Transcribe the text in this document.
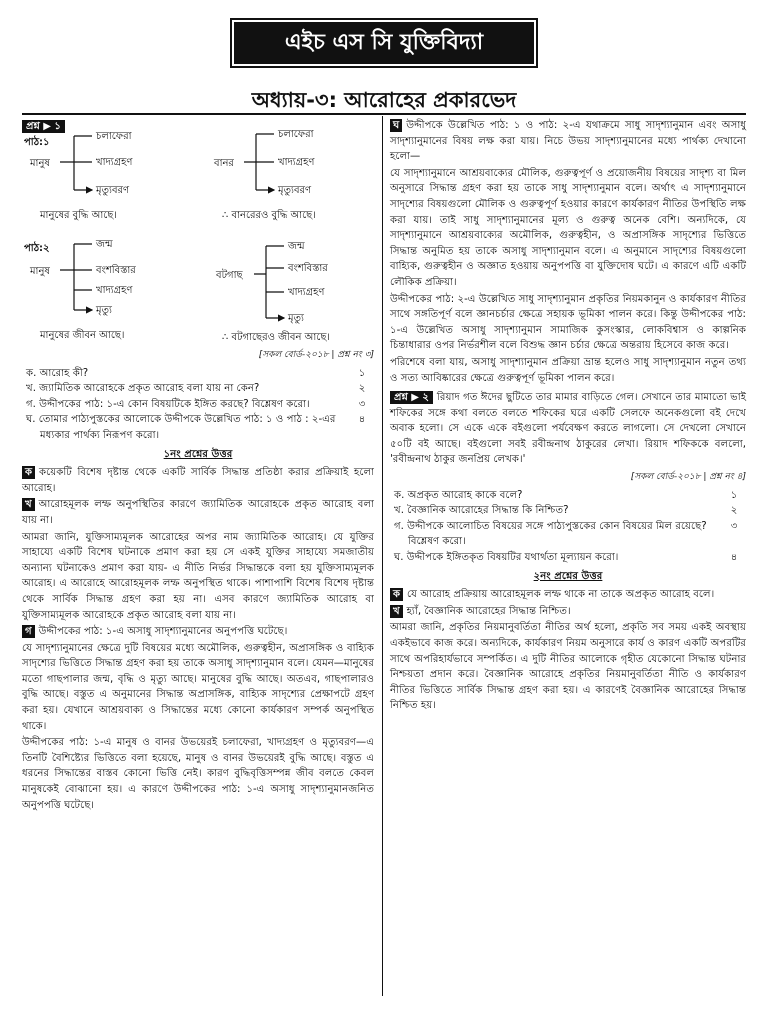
এইচ এস সি যুক্তিবিদ্যা
অধ্যায়-৩: আরোহের প্রকারভেদ
প্রশ্ন ▶ ১
পাঠ:১
পাঠ:২
মানুষ
চলাফেরা
খাদ্যগ্রহণ
মৃত্যুবরণ
মানুষের বুদ্ধি আছে।
বানর
চলাফেরা
খাদ্যগ্রহণ
মৃত্যুবরণ
∴ বানরেরও বুদ্ধি আছে।
মানুষ
জন্ম
বংশবিস্তার
খাদ্যগ্রহণ
মৃত্যু
মানুষের জীবন আছে।
বটগাছ
জন্ম
বংশবিস্তার
খাদ্যগ্রহণ
মৃত্যু
∴ বটগাছেরও জীবন আছে।
[সকল বোর্ড-২০১৮ | প্রশ্ন নং ৩]
ক. আরোহ কী?	১
খ. জ্যামিতিক আরোহকে প্রকৃত আরোহ বলা যায় না কেন?	২
গ. উদ্দীপকের পাঠ: ১-এ কোন বিষয়টিকে ইঙ্গিত করছে? বিশ্লেষণ করো।	৩
ঘ. তোমার পাঠ্যপুস্তকের আলোকে উদ্দীপকে উল্লেখিত পাঠ: ১ ও পাঠ : ২-এর মধ্যকার পার্থক্য নিরূপণ করো।
৪
১নং প্রশ্নের উত্তর

ক কয়েকটি বিশেষ দৃষ্টান্ত থেকে একটি সার্বিক সিদ্ধান্ত প্রতিষ্ঠা করার প্রক্রিয়াই হলো আরোহ।

খ আরোহমূলক লম্ফ অনুপস্থিতির কারণে জ্যামিতিক আরোহকে প্রকৃত আরোহ বলা যায় না।

আমরা জানি, যুক্তিসাম্যমূলক আরোহের অপর নাম জ্যামিতিক আরোহ। যে যুক্তির সাহায্যে একটি বিশেষ ঘটনাকে প্রমাণ করা হয় সে একই যুক্তির সাহায্যে সমজাতীয় অন্যান্য ঘটনাকেও প্রমাণ করা যায়- এ নীতি নির্ভর সিদ্ধান্তকে বলা হয় যুক্তিসাম্যমূলক আরোহ। এ আরোহে আরোহমূলক লম্ফ অনুপস্থিত থাকে। পাশাপাশি বিশেষ বিশেষ দৃষ্টান্ত থেকে সার্বিক সিদ্ধান্ত গ্রহণ করা হয় না। এসব কারণে জ্যামিতিক আরোহ বা যুক্তিসাম্যমূলক আরোহকে প্রকৃত আরোহ বলা যায় না।

গ উদ্দীপকের পাঠ: ১-এ অসাধু সাদৃশ্যানুমানের অনুপপত্তি ঘটেছে।

যে সাদৃশ্যানুমানের ক্ষেত্রে দুটি বিষয়ের মধ্যে অমৌলিক, গুরুত্বহীন, অপ্রাসঙ্গিক ও বাহ্যিক সাদৃশ্যের ভিত্তিতে সিদ্ধান্ত গ্রহণ করা হয় তাকে অসাধু সাদৃশ্যানুমান বলে। যেমন—মানুষের মতো গাছপালার জন্ম, বৃদ্ধি ও মৃত্যু আছে। মানুষের বুদ্ধি আছে। অতএব, গাছপালারও বুদ্ধি আছে। বস্তুত এ অনুমানের সিদ্ধান্ত অপ্রাসঙ্গিক, বাহ্যিক সাদৃশ্যের প্রেক্ষাপটে গ্রহণ করা হয়। যেখানে আশ্রয়বাক্য ও সিদ্ধান্তের মধ্যে কোনো কার্যকারণ সম্পর্ক অনুপস্থিত থাকে।

উদ্দীপকের পাঠ: ১-এ মানুষ ও বানর উভয়েরই চলাফেরা, খাদ্যগ্রহণ ও মৃত্যুবরণ—এ তিনটি বৈশিষ্ট্যের ভিত্তিতে বলা হয়েছে, মানুষ ও বানর উভয়েরই বুদ্ধি আছে। বস্তুত এ ধরনের সিদ্ধান্তের বাস্তব কোনো ভিত্তি নেই। কারণ বুদ্ধিবৃত্তিসম্পন্ন জীব বলতে কেবল মানুষকেই বোঝানো হয়। এ কারণে উদ্দীপকের পাঠ: ১-এ অসাধু সাদৃশ্যানুমানজনিত অনুপপত্তি ঘটেছে।

ঘ উদ্দীপকে উল্লেখিত পাঠ: ১ ও পাঠ: ২-এ যথাক্রমে সাধু সাদৃশ্যানুমান এবং অসাধু সাদৃশ্যানুমানের বিষয় লক্ষ করা যায়। নিচে উভয় সাদৃশ্যানুমানের মধ্যে পার্থক্য দেখানো হলো—

যে সাদৃশ্যানুমানে আশ্রয়বাক্যের মৌলিক, গুরুত্বপূর্ণ ও প্রয়োজনীয় বিষয়ের সাদৃশ্য বা মিল অনুসারে সিদ্ধান্ত গ্রহণ করা হয় তাকে সাধু সাদৃশ্যানুমান বলে। অর্থাৎ এ সাদৃশ্যানুমানে সাদৃশ্যের বিষয়গুলো মৌলিক ও গুরুত্বপূর্ণ হওয়ার কারণে কার্যকারণ নীতির উপস্থিতি লক্ষ করা যায়। তাই সাধু সাদৃশ্যানুমানের মূল্য ও গুরুত্ব অনেক বেশি। অন্যদিকে, যে সাদৃশ্যানুমানে আশ্রয়বাক্যের অমৌলিক, গুরুত্বহীন, ও অপ্রাসঙ্গিক সাদৃশ্যের ভিত্তিতে সিদ্ধান্ত অনুমিত হয় তাকে অসাধু সাদৃশ্যানুমান বলে। এ অনুমানে সাদৃশ্যের বিষয়গুলো বাহ্যিক, গুরুত্বহীন ও অজ্ঞাত হওয়ায় অনুপপত্তি বা যুক্তিদোষ ঘটে। এ কারণে এটি একটি লৌকিক প্রক্রিয়া।

উদ্দীপকের পাঠ: ২-এ উল্লেখিত সাধু সাদৃশ্যানুমান প্রকৃতির নিয়মকানুন ও কার্যকারণ নীতির সাথে সঙ্গতিপূর্ণ বলে জ্ঞানচর্চার ক্ষেত্রে সহায়ক ভূমিকা পালন করে। কিন্তু উদ্দীপকের পাঠ: ১-এ উল্লেখিত অসাধু সাদৃশ্যানুমান সামাজিক কুসংস্কার, লোকবিশ্বাস ও কাল্পনিক চিন্তাধারার ওপর নির্ভরশীল বলে বিশুদ্ধ জ্ঞান চর্চার ক্ষেত্রে অন্তরায় হিসেবে কাজ করে।

পরিশেষে বলা যায়, অসাধু সাদৃশ্যানুমান প্রক্রিয়া ভ্রান্ত হলেও সাধু সাদৃশ্যানুমান নতুন তথ্য ও সত্য আবিষ্কারের ক্ষেত্রে গুরুত্বপূর্ণ ভূমিকা পালন করে।

প্রশ্ন ▶ ২ রিয়াদ গত ঈদের ছুটিতে তার মামার বাড়িতে গেল। সেখানে তার মামাতো ভাই শফিকের সঙ্গে কথা বলতে বলতে শফিকের ঘরে একটি সেলফে অনেকগুলো বই দেখে অবাক হলো। সে একে একে বইগুলো পর্যবেক্ষণ করতে লাগলো। সে দেখলো সেখানে ৫০টি বই আছে। বইগুলো সবই রবীন্দ্রনাথ ঠাকুরের লেখা। রিয়াদ শফিককে বললো, 'রবীন্দ্রনাথ ঠাকুর জনপ্রিয় লেখক।'

[সকল বোর্ড-২০১৮ | প্রশ্ন নং ৪]
ক. অপ্রকৃত আরোহ কাকে বলে?	১
খ. বৈজ্ঞানিক আরোহের সিদ্ধান্ত কি নিশ্চিত?	২
গ. উদ্দীপকে আলোচিত বিষয়ের সঙ্গে পাঠ্যপুস্তকের কোন বিষয়ের মিল রয়েছে? বিশ্লেষণ করো।
৩
ঘ. উদ্দীপকে ইঙ্গিতকৃত বিষয়টির যথার্থতা মূল্যায়ন করো।	৪
২নং প্রশ্নের উত্তর

ক যে আরোহ প্রক্রিয়ায় আরোহমূলক লম্ফ থাকে না তাকে অপ্রকৃত আরোহ বলে।

খ হ্যাঁ, বৈজ্ঞানিক আরোহের সিদ্ধান্ত নিশ্চিত।

আমরা জানি, প্রকৃতির নিয়মানুবর্তিতা নীতির অর্থ হলো, প্রকৃতি সব সময় একই অবস্থায় একইভাবে কাজ করে। অন্যদিকে, কার্যকারণ নিয়ম অনুসারে কার্য ও কারণ একটি অপরটির সাথে অপরিহার্যভাবে সম্পর্কিত। এ দুটি নীতির আলোকে গৃহীত যেকোনো সিদ্ধান্ত ঘটনার নিশ্চয়তা প্রদান করে। বৈজ্ঞানিক আরোহে প্রকৃতির নিয়মানুবর্তিতা নীতি ও কার্যকারণ নীতির ভিত্তিতে সার্বিক সিদ্ধান্ত গ্রহণ করা হয়। এ কারণেই বৈজ্ঞানিক আরোহের সিদ্ধান্ত নিশ্চিত হয়।
